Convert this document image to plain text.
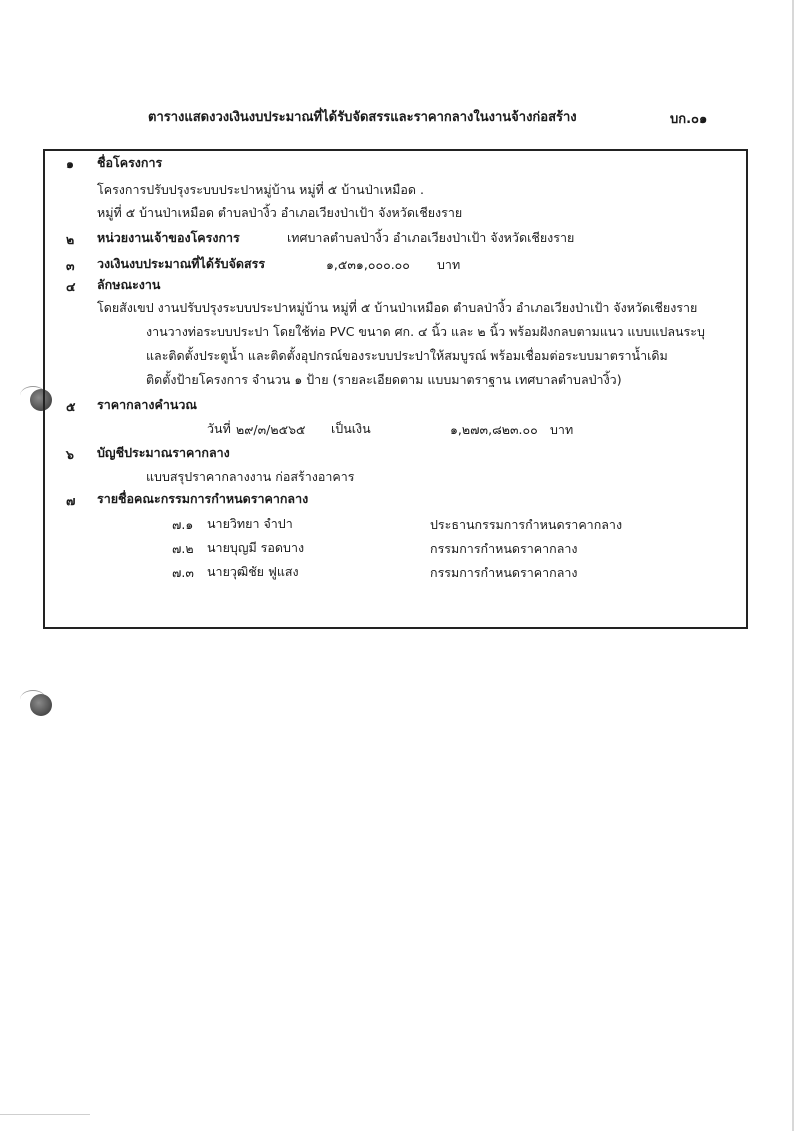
ตารางแสดงวงเงินงบประมาณที่ได้รับจัดสรรและราคากลางในงานจ้างก่อสร้าง	บก.๐๑
๑ ชื่อโครงการ
โครงการปรับปรุงระบบประปาหมู่บ้าน หมู่ที่ ๕ บ้านป่าเหมือด .
หมู่ที่ ๕ บ้านป่าเหมือด ตำบลป่างิ้ว อำเภอเวียงป่าเป้า จังหวัดเชียงราย
๒ หน่วยงานเจ้าของโครงการ	เทศบาลตำบลป่างิ้ว อำเภอเวียงป่าเป้า จังหวัดเชียงราย
๓ วงเงินงบประมาณที่ได้รับจัดสรร	๑,๕๓๑,๐๐๐.๐๐ บาท
๔ ลักษณะงาน
โดยสังเขป งานปรับปรุงระบบประปาหมู่บ้าน หมู่ที่ ๕ บ้านป่าเหมือด ตำบลป่างิ้ว อำเภอเวียงป่าเป้า จังหวัดเชียงราย
งานวางท่อระบบประปา โดยใช้ท่อ PVC ขนาด ศก. ๔ นิ้ว และ ๒ นิ้ว พร้อมฝังกลบตามแนว แบบแปลนระบุ
และติดตั้งประตูน้ำ และติดตั้งอุปกรณ์ของระบบประปาให้สมบูรณ์ พร้อมเชื่อมต่อระบบมาตราน้ำเดิม
ติดตั้งป้ายโครงการ จำนวน ๑ ป้าย (รายละเอียดตาม แบบมาตราฐาน เทศบาลตำบลป่างิ้ว)
๕ ราคากลางคำนวณ
วันที่ ๒๙/๓/๒๕๖๕ เป็นเงิน	๑,๒๗๓,๘๒๓.๐๐ บาท
๖ บัญชีประมาณราคากลาง
แบบสรุปราคากลางงาน ก่อสร้างอาคาร
๗ รายชื่อคณะกรรมการกำหนดราคากลาง
๗.๑ นายวิทยา จำปา	ประธานกรรมการกำหนดราคากลาง
๗.๒ นายบุญมี รอดบาง	กรรมการกำหนดราคากลาง
๗.๓ นายวุฒิชัย ฟูแสง	กรรมการกำหนดราคากลาง
